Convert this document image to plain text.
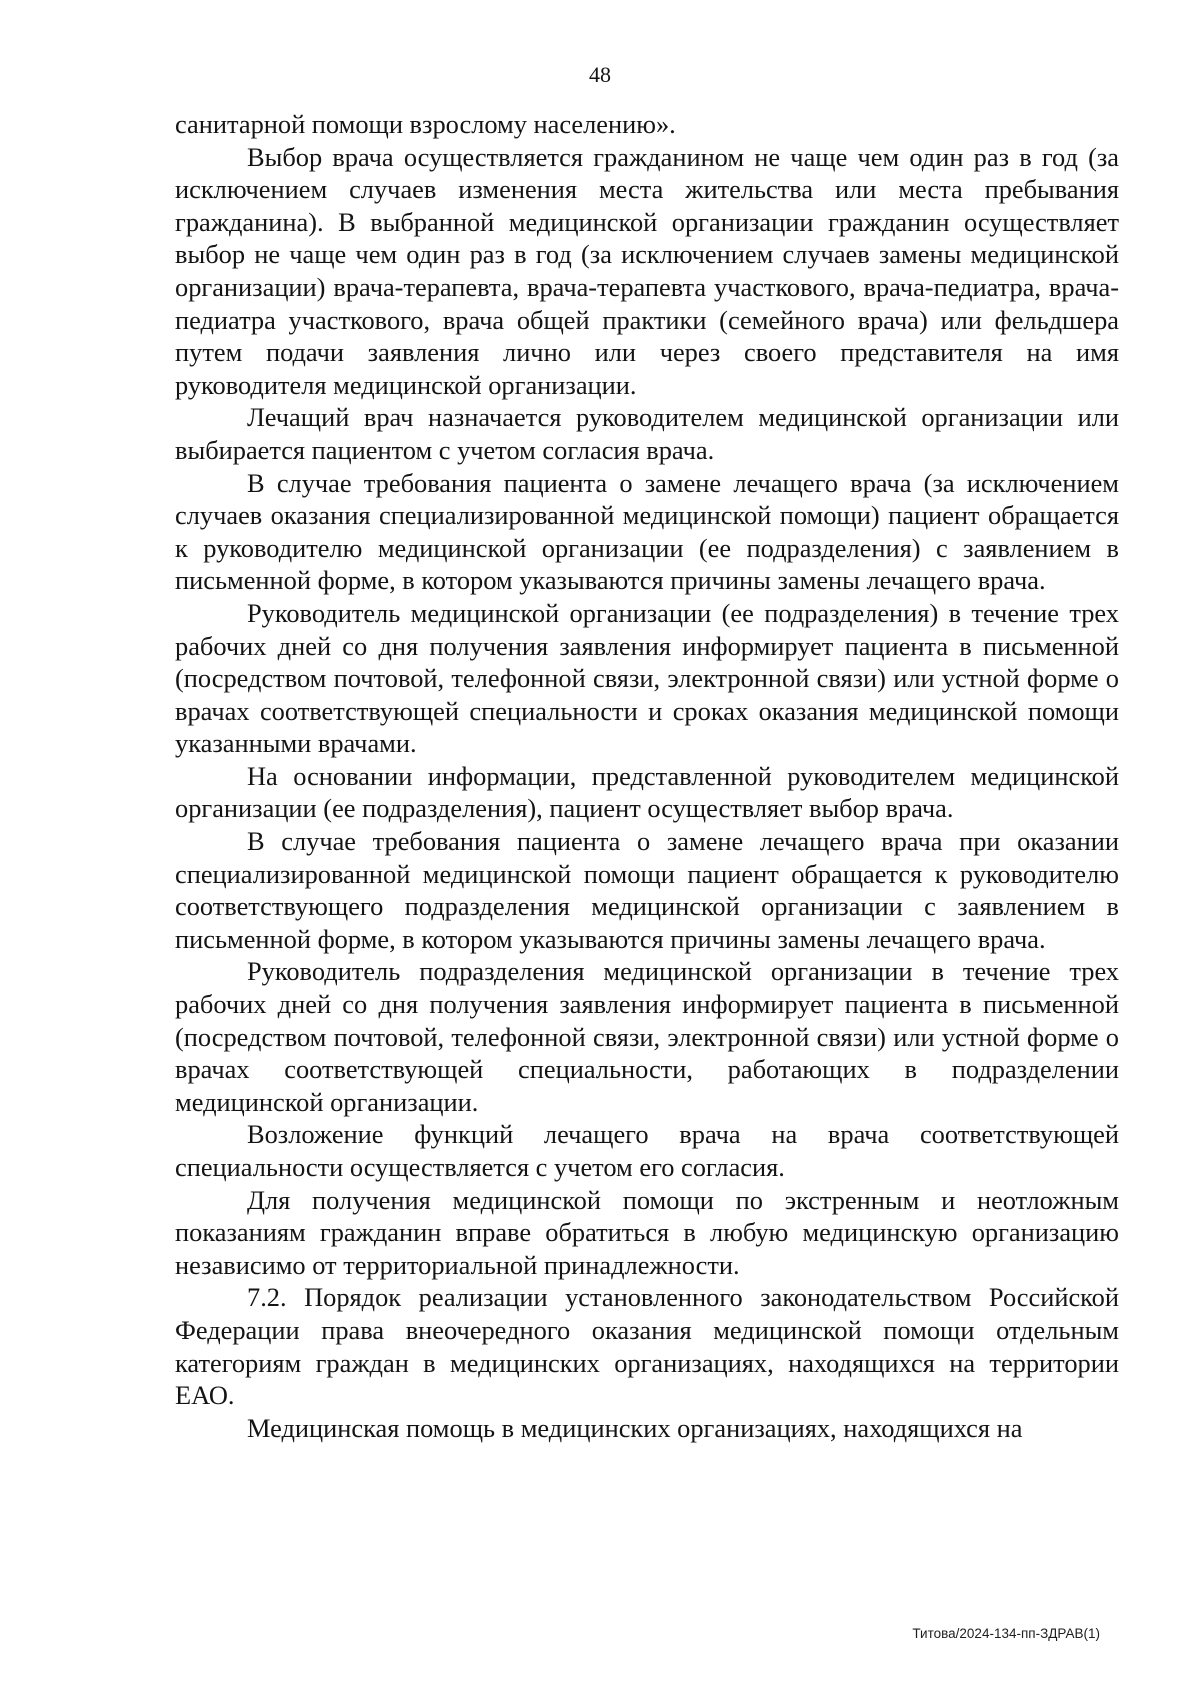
48

санитарной помощи взрослому населению».

Выбор врача осуществляется гражданином не чаще чем один раз в год (за исключением случаев изменения места жительства или места пребывания гражданина). В выбранной медицинской организации гражданин осуществляет выбор не чаще чем один раз в год (за исключением случаев замены медицинской организации) врача-терапевта, врача-терапевта участкового, врача-педиатра, врача-педиатра участкового, врача общей практики (семейного врача) или фельдшера путем подачи заявления лично или через своего представителя на имя руководителя медицинской организации.

Лечащий врач назначается руководителем медицинской организации или выбирается пациентом с учетом согласия врача.

В случае требования пациента о замене лечащего врача (за исключением случаев оказания специализированной медицинской помощи) пациент обращается к руководителю медицинской организации (ее подразделения) с заявлением в письменной форме, в котором указываются причины замены лечащего врача.

Руководитель медицинской организации (ее подразделения) в течение трех рабочих дней со дня получения заявления информирует пациента в письменной (посредством почтовой, телефонной связи, электронной связи) или устной форме о врачах соответствующей специальности и сроках оказания медицинской помощи указанными врачами.

На основании информации, представленной руководителем медицинской организации (ее подразделения), пациент осуществляет выбор врача.

В случае требования пациента о замене лечащего врача при оказании специализированной медицинской помощи пациент обращается к руководителю соответствующего подразделения медицинской организации с заявлением в письменной форме, в котором указываются причины замены лечащего врача.

Руководитель подразделения медицинской организации в течение трех рабочих дней со дня получения заявления информирует пациента в письменной (посредством почтовой, телефонной связи, электронной связи) или устной форме о врачах соответствующей специальности, работающих в подразделении медицинской организации.

Возложение функций лечащего врача на врача соответствующей специальности осуществляется с учетом его согласия.

Для получения медицинской помощи по экстренным и неотложным показаниям гражданин вправе обратиться в любую медицинскую организацию независимо от территориальной принадлежности.

7.2. Порядок реализации установленного законодательством Российской Федерации права внеочередного оказания медицинской помощи отдельным категориям граждан в медицинских организациях, находящихся на территории ЕАО.

Медицинская помощь в медицинских организациях, находящихся на

Титова/2024-134-пп-ЗДРАВ(1)
